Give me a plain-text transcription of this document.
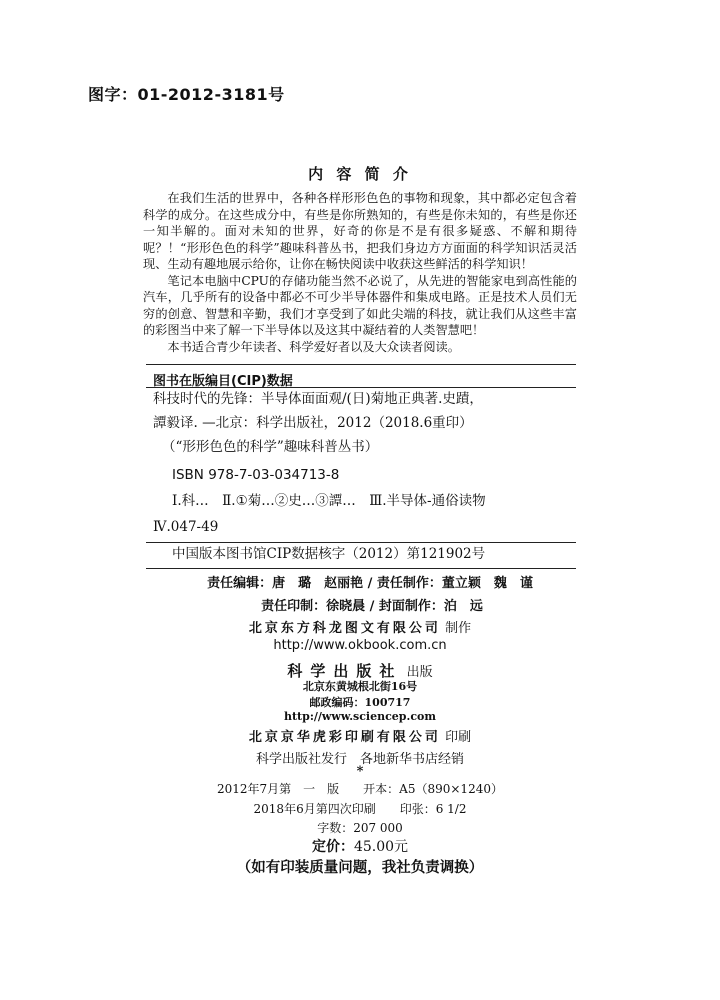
图字：01-2012-3181号
内 容 简 介

在我们生活的世界中，各种各样形形色色的事物和现象，其中都必定包含着科学的成分。在这些成分中，有些是你所熟知的，有些是你未知的，有些是你还一知半解的。面对未知的世界，好奇的你是不是有很多疑惑、不解和期待呢？！“形形色色的科学”趣味科普丛书，把我们身边方方面面的科学知识活灵活现、生动有趣地展示给你，让你在畅快阅读中收获这些鲜活的科学知识！

笔记本电脑中CPU的存储功能当然不必说了，从先进的智能家电到高性能的汽车，几乎所有的设备中都必不可少半导体器件和集成电路。正是技术人员们无穷的创意、智慧和辛勤，我们才享受到了如此尖端的科技，就让我们从这些丰富的彩图当中来了解一下半导体以及这其中凝结着的人类智慧吧！

本书适合青少年读者、科学爱好者以及大众读者阅读。

图书在版编目(CIP)数据
科技时代的先锋：半导体面面观/(日)菊地正典著.史蹟，
譚毅译. —北京：科学出版社，2012（2018.6重印）
（“形形色色的科学”趣味科普丛书）
ISBN 978-7-03-034713-8
Ⅰ.科…　Ⅱ.①菊…②史…③譚…　Ⅲ.半导体-通俗读物
Ⅳ.047-49
中国版本图书馆CIP数据核字（2012）第121902号
责任编辑：唐　璐　赵丽艳 / 责任制作：董立颖　魏　谨
责任印制：徐晓晨 / 封面制作：泊　远
北京东方科龙图文有限公司 制作
http://www.okbook.com.cn
科学出版社 出版
北京东黄城根北街16号
邮政编码：100717
http://www.sciencep.com
北京京华虎彩印刷有限公司 印刷
科学出版社发行　各地新华书店经销
*
2012年7月第　一　版　　开本：A5（890×1240）
2018年6月第四次印刷　　印张：6 1/2
字数：207 000
定价：45.00元
（如有印装质量问题，我社负责调换）
